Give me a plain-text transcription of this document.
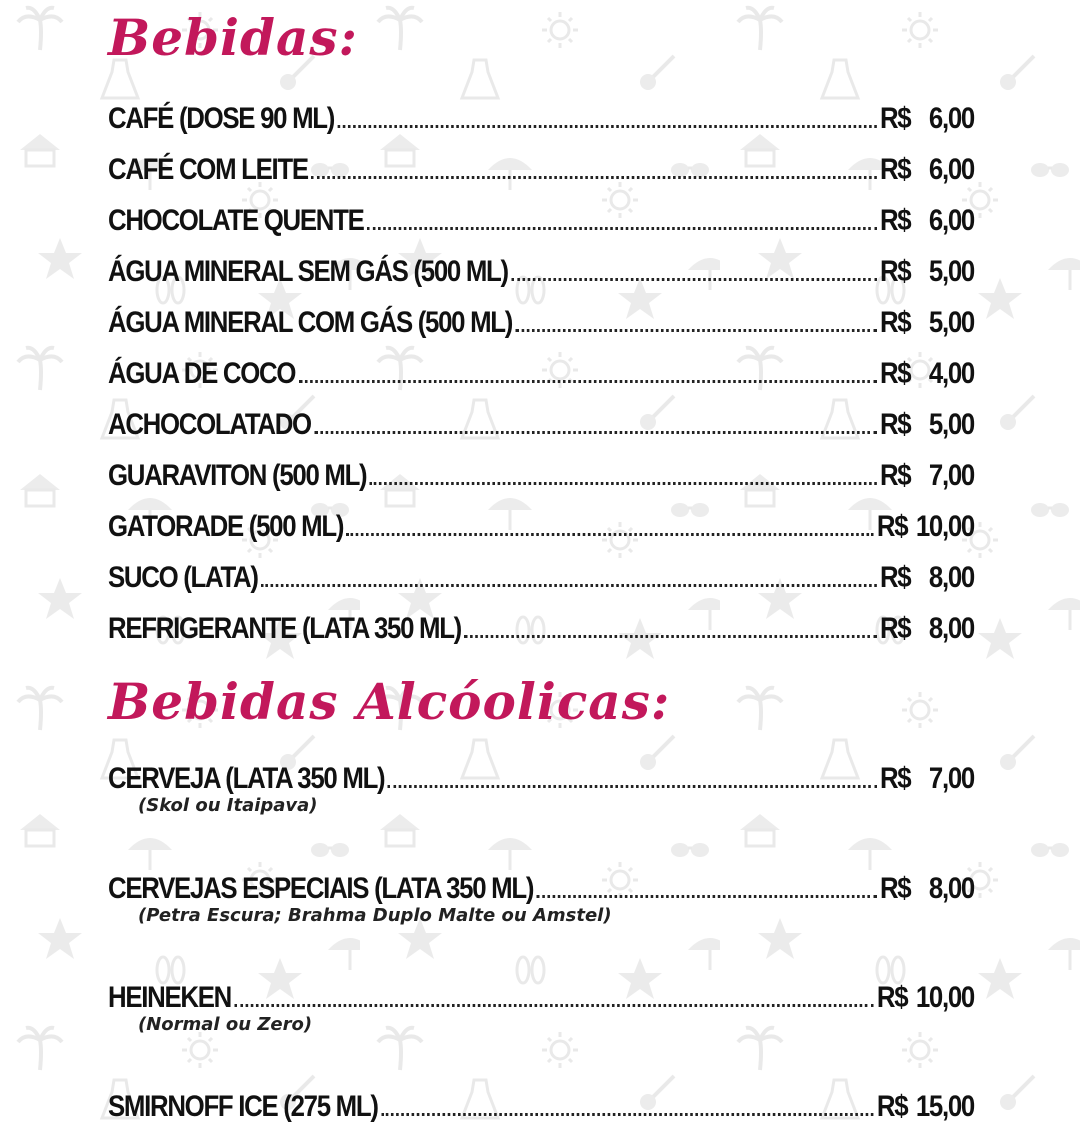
Bebidas:
CAFÉ (DOSE 90 ML)	R$ 6,00
CAFÉ COM LEITE	R$ 6,00
CHOCOLATE QUENTE	R$ 6,00
ÁGUA MINERAL SEM GÁS (500 ML)	R$ 5,00
ÁGUA MINERAL COM GÁS (500 ML)	R$ 5,00
ÁGUA DE COCO	R$ 4,00
ACHOCOLATADO	R$ 5,00
GUARAVITON (500 ML)	R$ 7,00
GATORADE (500 ML)	R$ 10,00
SUCO (LATA)	R$ 8,00
REFRIGERANTE (LATA 350 ML)	R$ 8,00
Bebidas Alcóolicas:
CERVEJA (LATA 350 ML)	R$ 7,00
(Skol ou Itaipava)
CERVEJAS ESPECIAIS (LATA 350 ML)	R$ 8,00
(Petra Escura; Brahma Duplo Malte ou Amstel)
HEINEKEN	R$ 10,00
(Normal ou Zero)
SMIRNOFF ICE (275 ML)	R$ 15,00
